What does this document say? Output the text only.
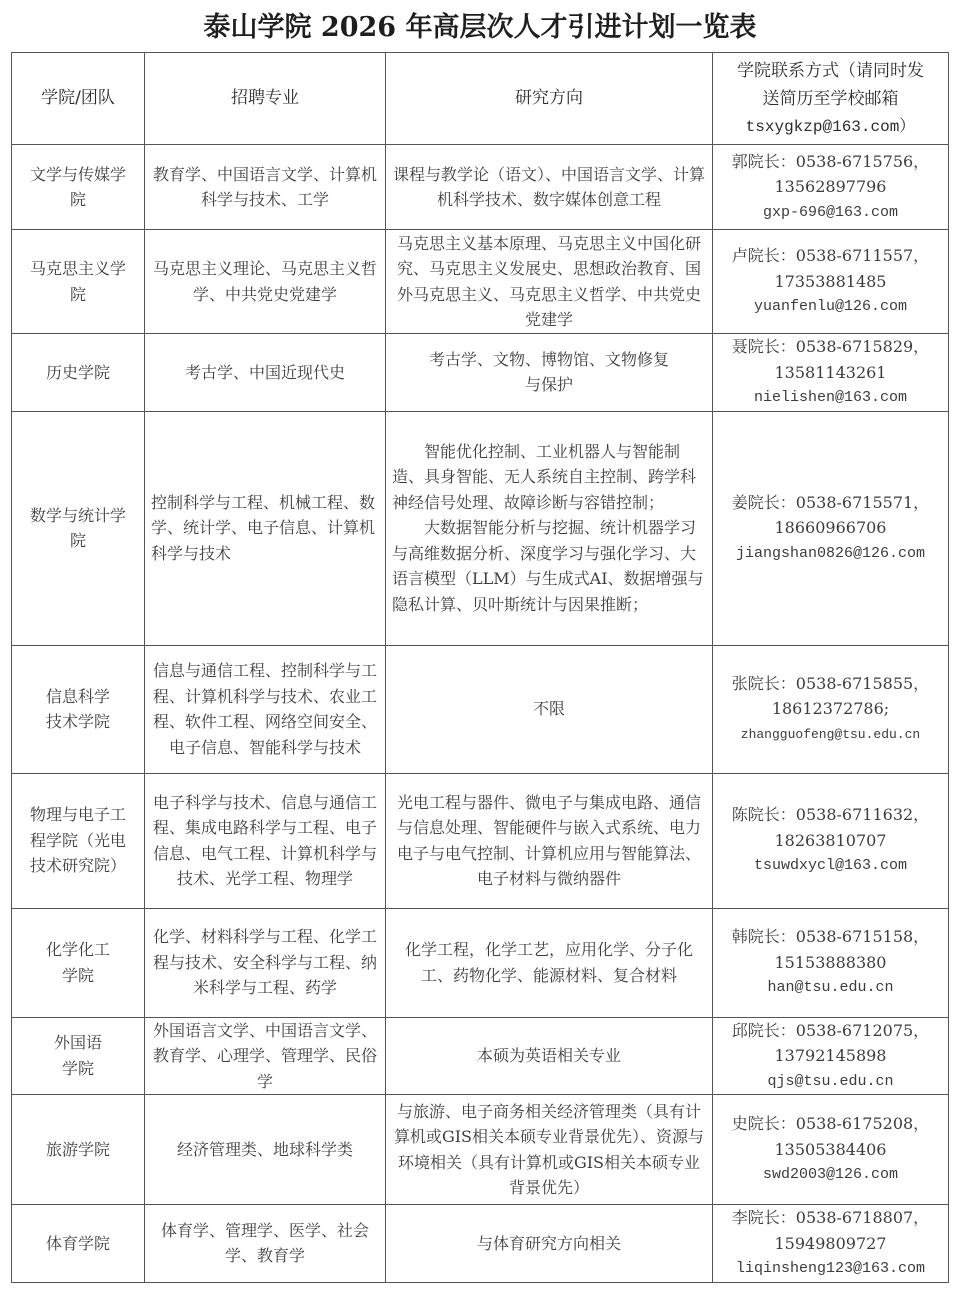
泰山学院 2026 年高层次人才引进计划一览表
学院/团队	招聘专业	研究方向	学院联系方式（请同时发
送简历至学校邮箱
tsxygkzp@163.com）

文学与传媒学院	教育学、中国语言文学、计算机科学与技术、工学	课程与教学论（语文）、中国语言文学、计算机科学技术、数字媒体创意工程	郭院长：0538-6715756，
13562897796
gxp-696@163.com

马克思主义学院	马克思主义理论、马克思主义哲学、中共党史党建学	马克思主义基本原理、马克思主义中国化研究、马克思主义发展史、思想政治教育、国外马克思主义、马克思主义哲学、中共党史党建学	卢院长：0538-6711557，
17353881485
yuanfenlu@126.com

历史学院	考古学、中国近现代史	考古学、文物、博物馆、文物修复与保护	聂院长：0538-6715829，
13581143261
nielishen@163.com

数学与统计学院	控制科学与工程、机械工程、数学、统计学、电子信息、计算机科学与技术	智能优化控制、工业机器人与智能制造、具身智能、无人系统自主控制、跨学科神经信号处理、故障诊断与容错控制；
大数据智能分析与挖掘、统计机器学习与高维数据分析、深度学习与强化学习、大语言模型（LLM）与生成式AI、数据增强与隐私计算、贝叶斯统计与因果推断；	姜院长：0538-6715571，
18660966706
jiangshan0826@126.com

信息科学技术学院	信息与通信工程、控制科学与工程、计算机科学与技术、农业工程、软件工程、网络空间安全、电子信息、智能科学与技术	不限	张院长：0538-6715855，
18612372786;
zhangguofeng@tsu.edu.cn

物理与电子工程学院（光电技术研究院）	电子科学与技术、信息与通信工程、集成电路科学与工程、电子信息、电气工程、计算机科学与技术、光学工程、物理学	光电工程与器件、微电子与集成电路、通信与信息处理、智能硬件与嵌入式系统、电力电子与电气控制、计算机应用与智能算法、电子材料与微纳器件	陈院长：0538-6711632，
18263810707
tsuwdxycl@163.com

化学化工学院	化学、材料科学与工程、化学工程与技术、安全科学与工程、纳米科学与工程、药学	化学工程，化学工艺，应用化学、分子化工、药物化学、能源材料、复合材料	韩院长：0538-6715158，
15153888380
han@tsu.edu.cn

外国语学院	外国语言文学、中国语言文学、教育学、心理学、管理学、民俗学	本硕为英语相关专业	邱院长：0538-6712075，
13792145898
qjs@tsu.edu.cn

旅游学院	经济管理类、地球科学类	与旅游、电子商务相关经济管理类（具有计算机或GIS相关本硕专业背景优先）、资源与环境相关（具有计算机或GIS相关本硕专业背景优先）	史院长：0538-6175208，
13505384406
swd2003@126.com

体育学院	体育学、管理学、医学、社会学、教育学	与体育研究方向相关	李院长：0538-6718807，
15949809727
liqinsheng123@163.com
